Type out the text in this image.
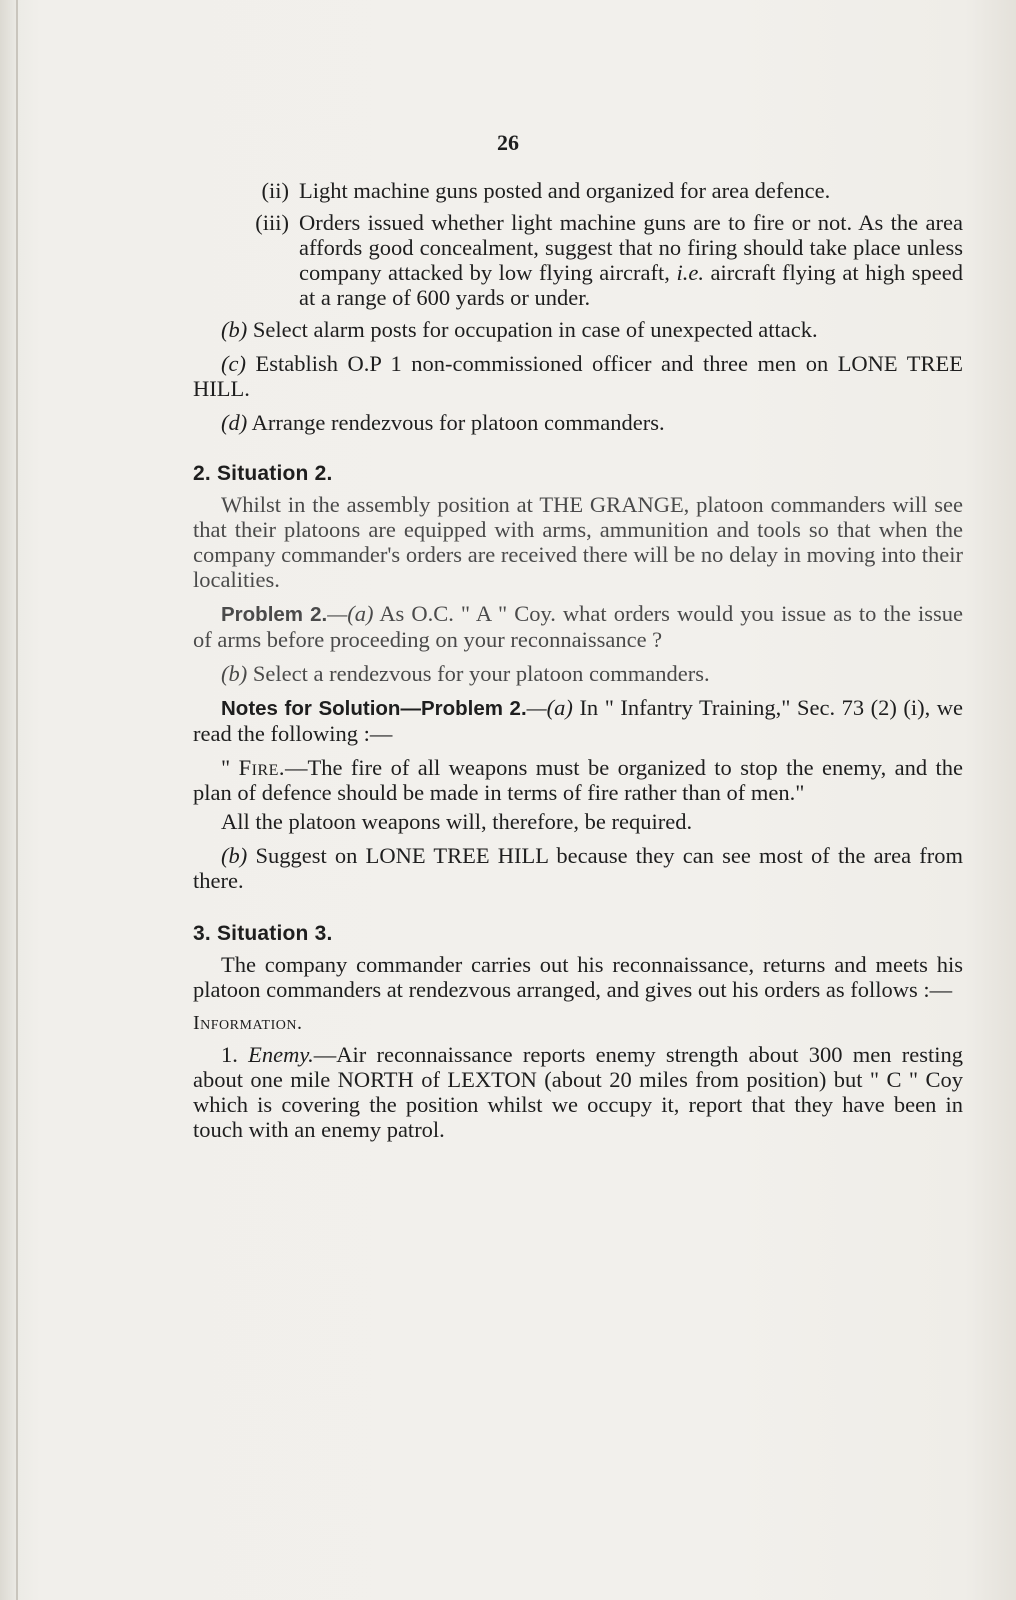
26
(ii) Light machine guns posted and organized for area defence.
(iii) Orders issued whether light machine guns are to fire or not. As the area affords good concealment, suggest that no firing should take place unless company attacked by low flying aircraft, i.e. aircraft flying at high speed at a range of 600 yards or under.

(b) Select alarm posts for occupation in case of unexpected attack.

(c) Establish O.P 1 non-commissioned officer and three men on LONE TREE HILL.

(d) Arrange rendezvous for platoon commanders.

2. Situation 2.

Whilst in the assembly position at THE GRANGE, platoon commanders will see that their platoons are equipped with arms, ammunition and tools so that when the company commander's orders are received there will be no delay in moving into their localities.

Problem 2.—(a) As O.C. " A " Coy. what orders would you issue as to the issue of arms before proceeding on your reconnaissance ?

(b) Select a rendezvous for your platoon commanders.

Notes for Solution—Problem 2.—(a) In " Infantry Training," Sec. 73 (2) (i), we read the following :—

" Fire.—The fire of all weapons must be organized to stop the enemy, and the plan of defence should be made in terms of fire rather than of men."

All the platoon weapons will, therefore, be required.

(b) Suggest on LONE TREE HILL because they can see most of the area from there.

3. Situation 3.

The company commander carries out his reconnaissance, returns and meets his platoon commanders at rendezvous arranged, and gives out his orders as follows :—

Information.

1. Enemy.—Air reconnaissance reports enemy strength about 300 men resting about one mile NORTH of LEXTON (about 20 miles from position) but " C " Coy which is covering the position whilst we occupy it, report that they have been in touch with an enemy patrol.
